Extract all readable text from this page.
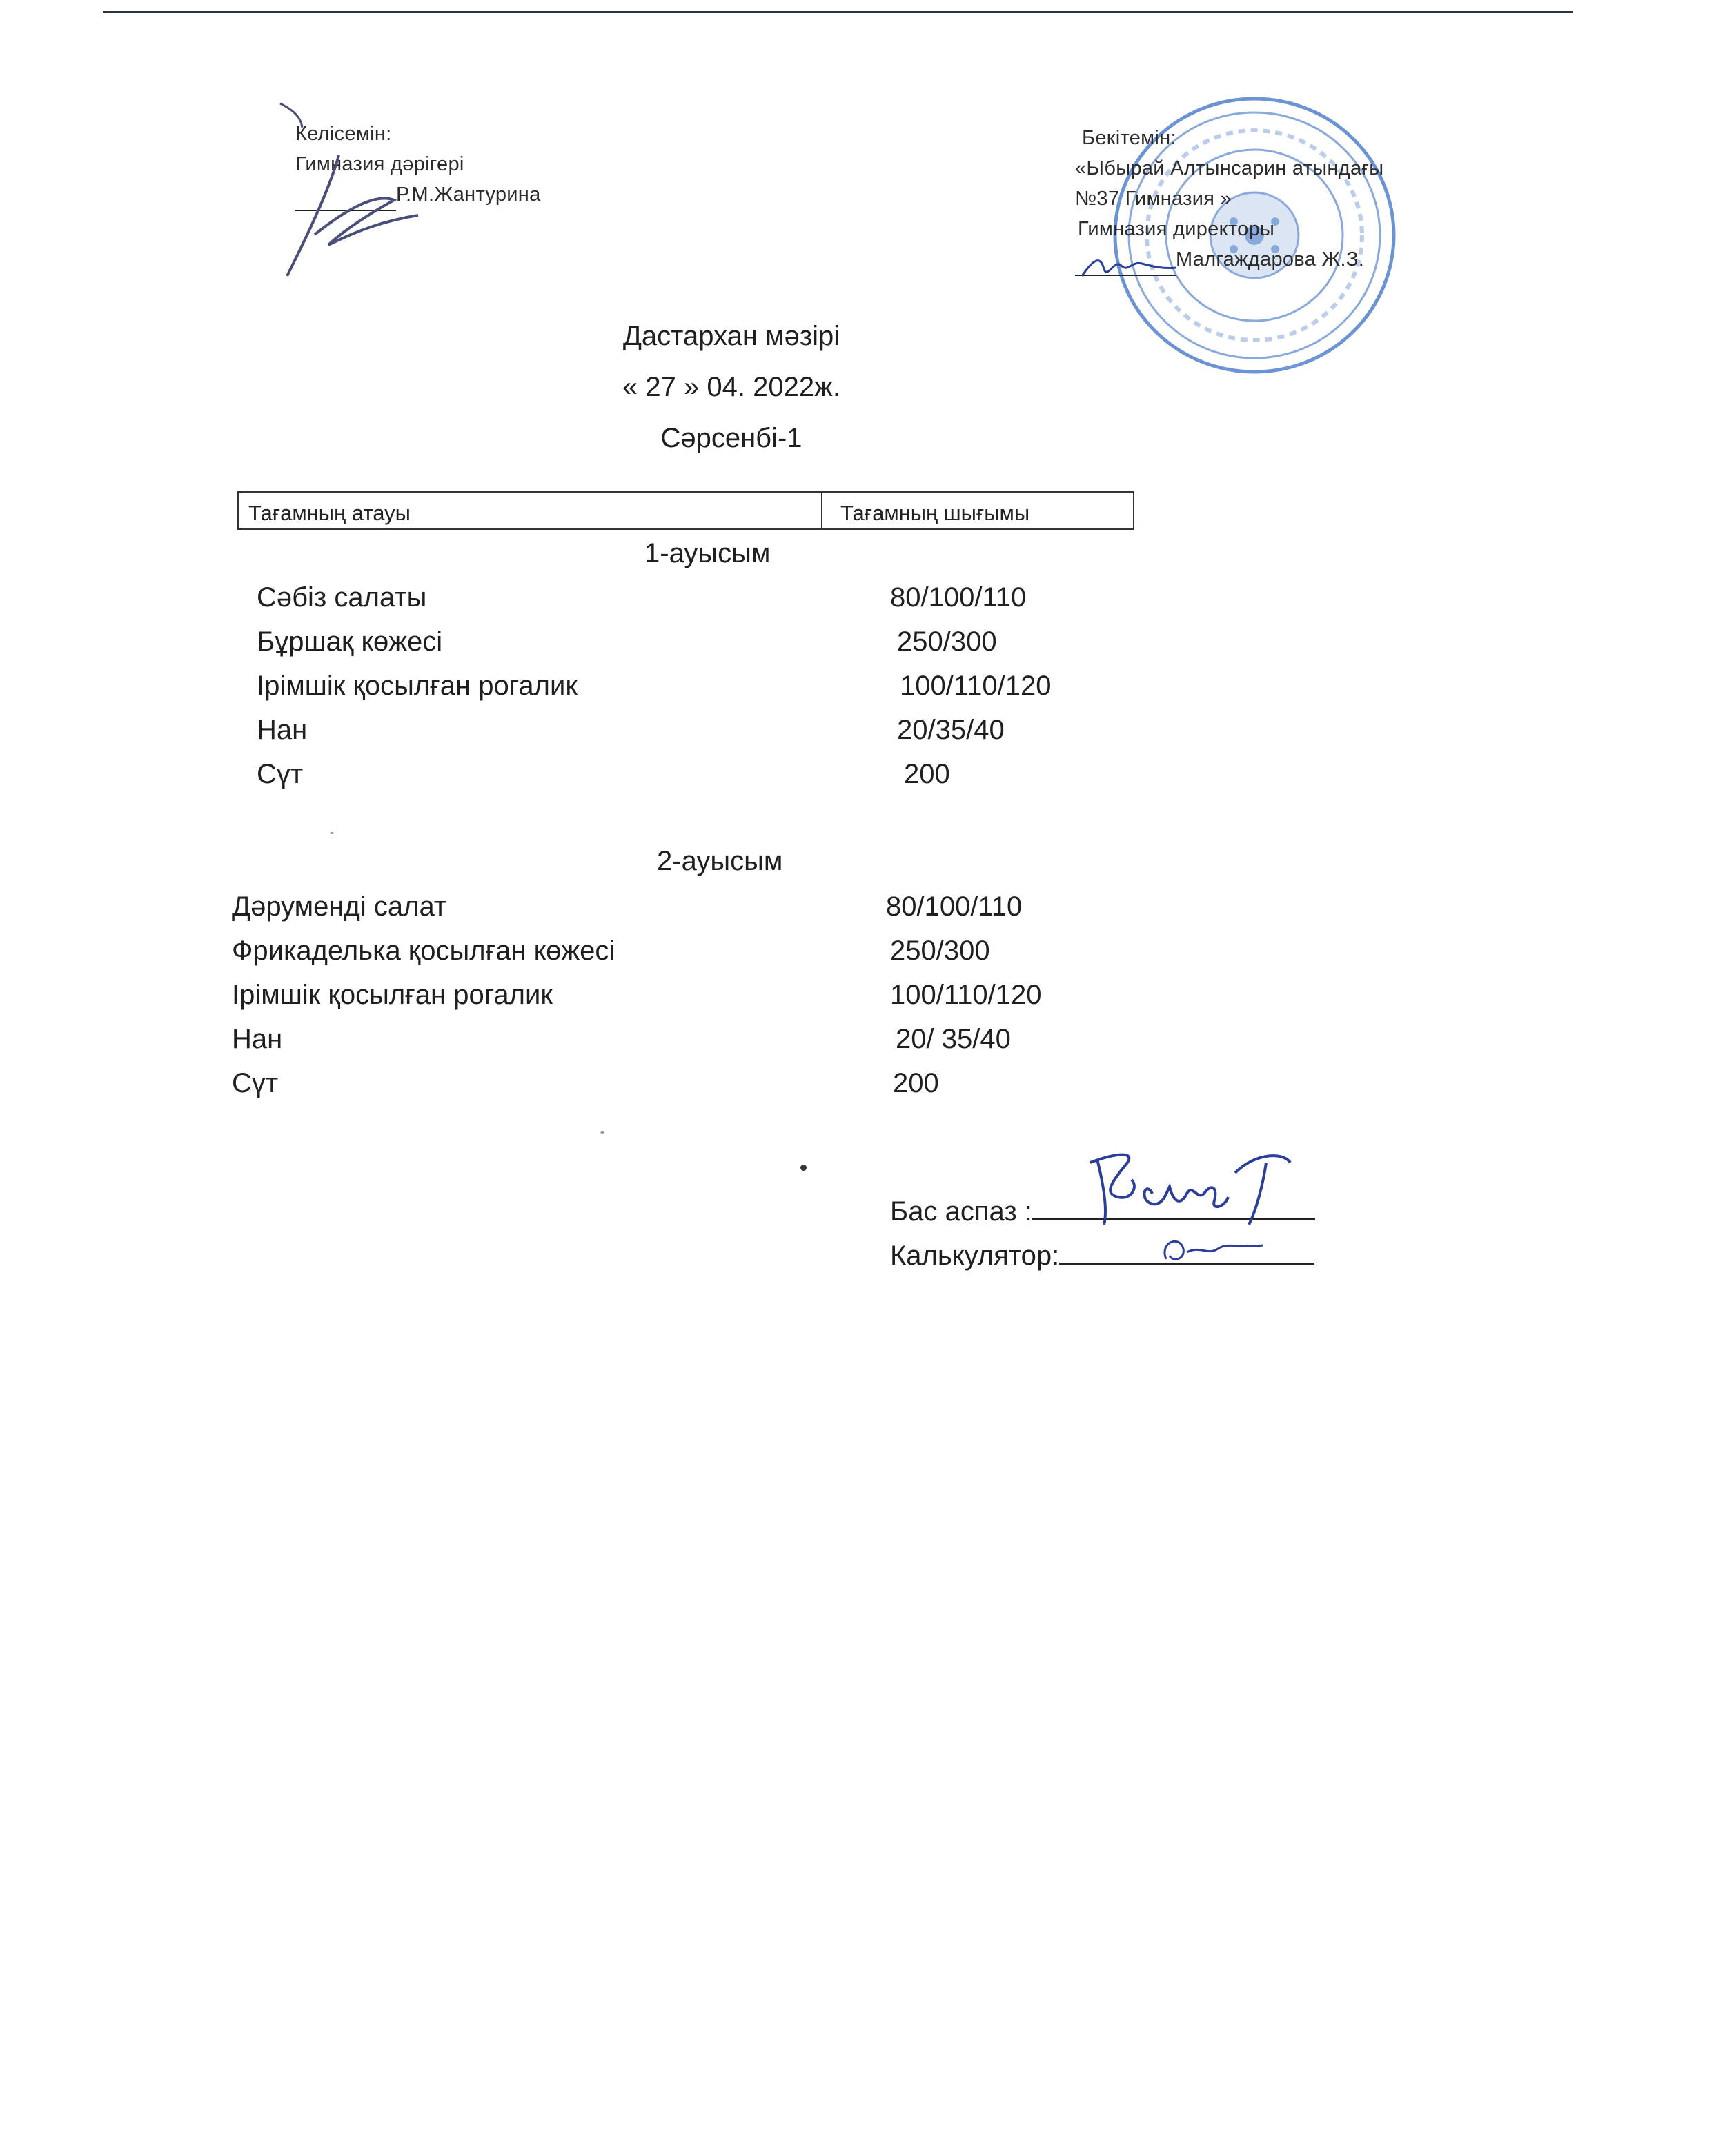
Келісемін:
Гимназия дәрігері
Р.М.Жантурина
Бекітемін:
«Ыбырай Алтынсарин атындағы
№37 Гимназия »
Гимназия директоры
Малгаждарова Ж.З.
Дастархан мәзірі
« 27 » 04. 2022ж.
Сәрсенбі-1
Тағамның атауы	Тағамның шығымы
1-ауысым
Сәбіз салаты	80/100/110
Бұршақ көжесі	250/300
Ірімшік қосылған рогалик	100/110/120
Нан	20/35/40
Сүт	200
2-ауысым
Дәруменді салат	80/100/110
Фрикаделька қосылған көжесі	250/300
Ірімшік қосылған рогалик	100/110/120
Нан	20/ 35/40
Сүт	200
Бас аспаз :
Калькулятор:
